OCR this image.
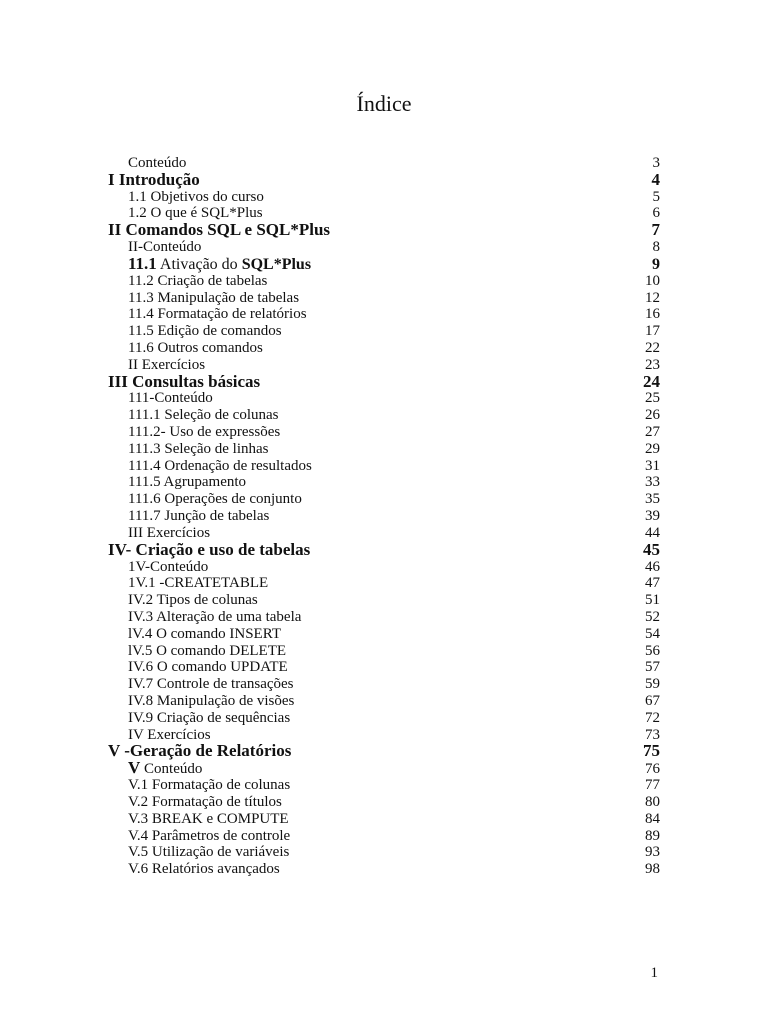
Índice
Conteúdo	3
I Introdução	4
1.1 Objetivos do curso	5
1.2 O que é SQL*Plus	6
II Comandos SQL e SQL*Plus	7
II-Conteúdo	8
11.1 Ativação do SQL*Plus	9
11.2 Criação de tabelas	10
11.3 Manipulação de tabelas	12
11.4 Formatação de relatórios	16
11.5 Edição de comandos	17
11.6 Outros comandos	22
II Exercícios	23
III Consultas básicas	24
111-Conteúdo	25
111.1 Seleção de colunas	26
111.2- Uso de expressões	27
111.3 Seleção de linhas	29
111.4 Ordenação de resultados	31
111.5 Agrupamento	33
111.6 Operações de conjunto	35
111.7 Junção de tabelas	39
III Exercícios	44
IV- Criação e uso de tabelas	45
1V-Conteúdo	46
1V.1 -CREATETABLE	47
IV.2 Tipos de colunas	51
IV.3 Alteração de uma tabela	52
lV.4 O comando INSERT	54
lV.5 O comando DELETE	56
IV.6 O comando UPDATE	57
IV.7 Controle de transações	59
IV.8 Manipulação de visões	67
IV.9 Criação de sequências	72
IV Exercícios	73
V -Geração de Relatórios	75
V Conteúdo	76
V.1 Formatação de colunas	77
V.2 Formatação de títulos	80
V.3 BREAK e COMPUTE	84
V.4 Parâmetros de controle	89
V.5 Utilização de variáveis	93
V.6 Relatórios avançados	98
1
